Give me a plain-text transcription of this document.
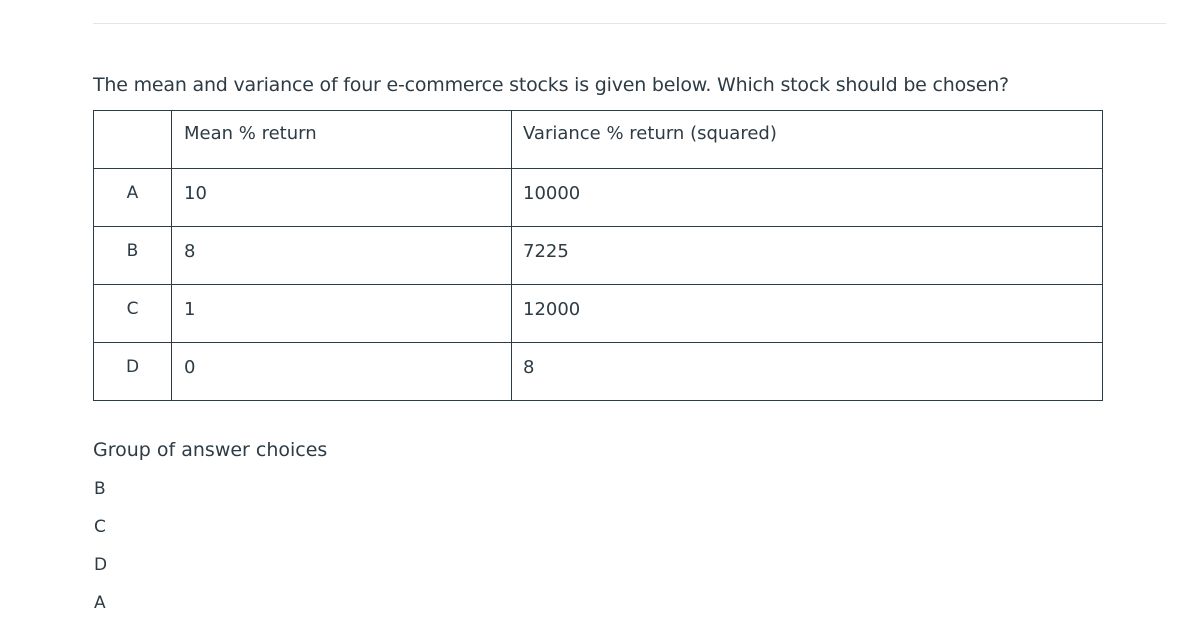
The mean and variance of four e-commerce stocks is given below. Which stock should be chosen?
	Mean % return	Variance % return (squared)
A	10	10000
B	8	7225
C	1	12000
D	0	8
Group of answer choices
B
C
D
A
